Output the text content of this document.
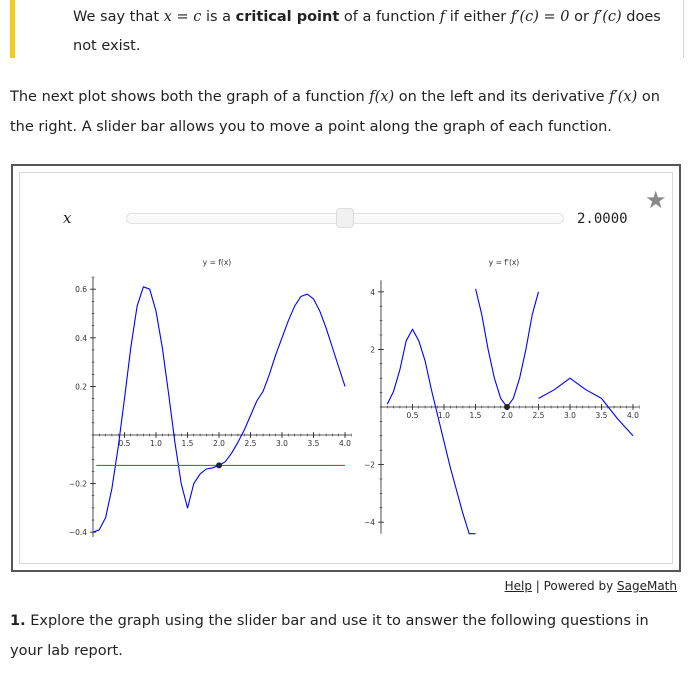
We say that x = c is a critical point of a function f if either f′(c) = 0 or f′(c) does not exist.
The next plot shows both the graph of a function f(x) on the left and its derivative f′(x) on the right. A slider bar allows you to move a point along the graph of each function.
x	2.0000
★
0.5	1.0	1.5	2.0	2.5	3.0	3.5	4.0
0.6
0.4
0.2
−0.2
−0.4
y = f(x)
0.5	1.0	1.5	2.0	2.5	3.0	3.5	4.0
4
2
−2
−4
y = f'(x)
Help | Powered by SageMath
1. Explore the graph using the slider bar and use it to answer the following questions in your lab report.
